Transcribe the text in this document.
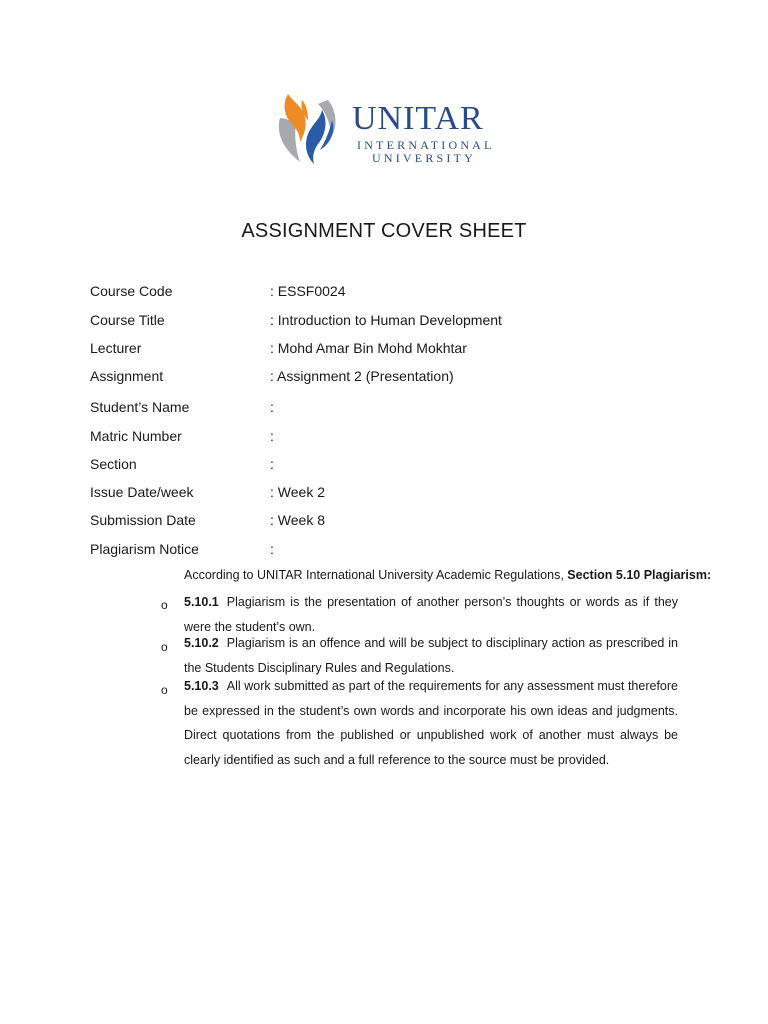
UNITAR
INTERNATIONAL
UNIVERSITY
ASSIGNMENT COVER SHEET
Course Code	: ESSF0024
Course Title	: Introduction to Human Development
Lecturer	: Mohd Amar Bin Mohd Mokhtar
Assignment	: Assignment 2 (Presentation)
Student’s Name	:
Matric Number	:
Section	:
Issue Date/week	: Week 2
Submission Date	: Week 8
Plagiarism Notice	:
According to UNITAR International University Academic Regulations, Section 5.10 Plagiarism:
o 5.10.1 Plagiarism is the presentation of another person’s thoughts or words as if they were the student’s own.
o 5.10.2 Plagiarism is an offence and will be subject to disciplinary action as prescribed in the Students Disciplinary Rules and Regulations.
o 5.10.3 All work submitted as part of the requirements for any assessment must therefore be expressed in the student’s own words and incorporate his own ideas and judgments. Direct quotations from the published or unpublished work of another must always be clearly identified as such and a full reference to the source must be provided.
